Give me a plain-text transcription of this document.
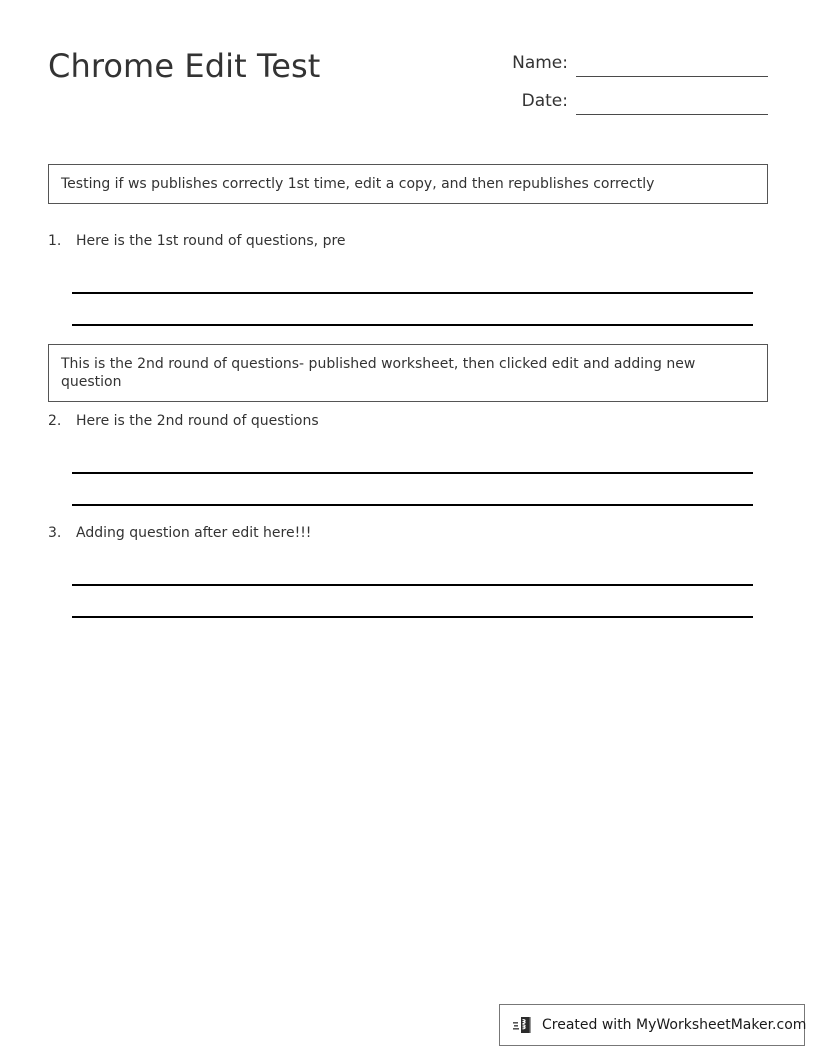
Chrome Edit Test	Name:
Date:
Testing if ws publishes correctly 1st time, edit a copy, and then republishes correctly
1. Here is the 1st round of questions, pre
This is the 2nd round of questions- published worksheet, then clicked edit and adding new question
2. Here is the 2nd round of questions
3. Adding question after edit here!!!
Created with MyWorksheetMaker.com
